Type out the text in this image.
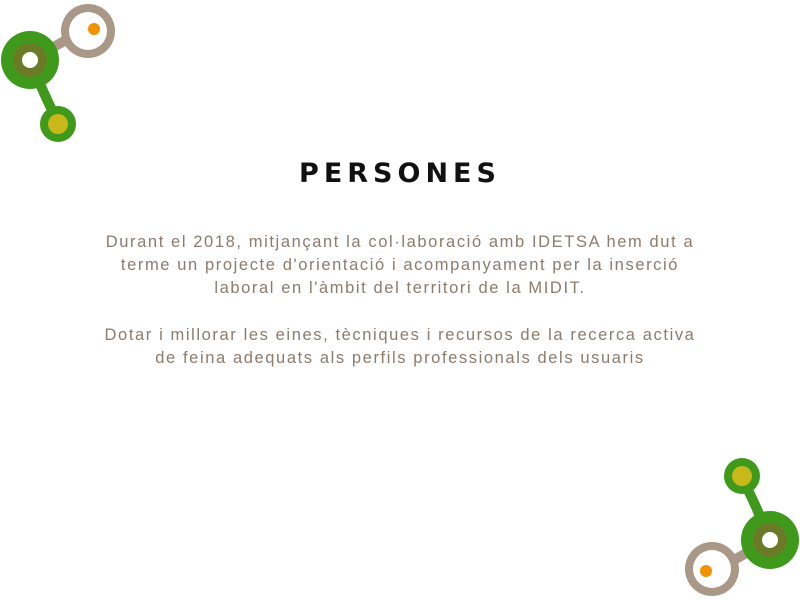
PERSONES

Durant el 2018, mitjançant la col·laboració amb IDETSA hem dut a terme un projecte d'orientació i acompanyament per la inserció laboral en l'àmbit del territori de la MIDIT.

Dotar i millorar les eines, tècniques i recursos de la recerca activa de feina adequats als perfils professionals dels usuaris
